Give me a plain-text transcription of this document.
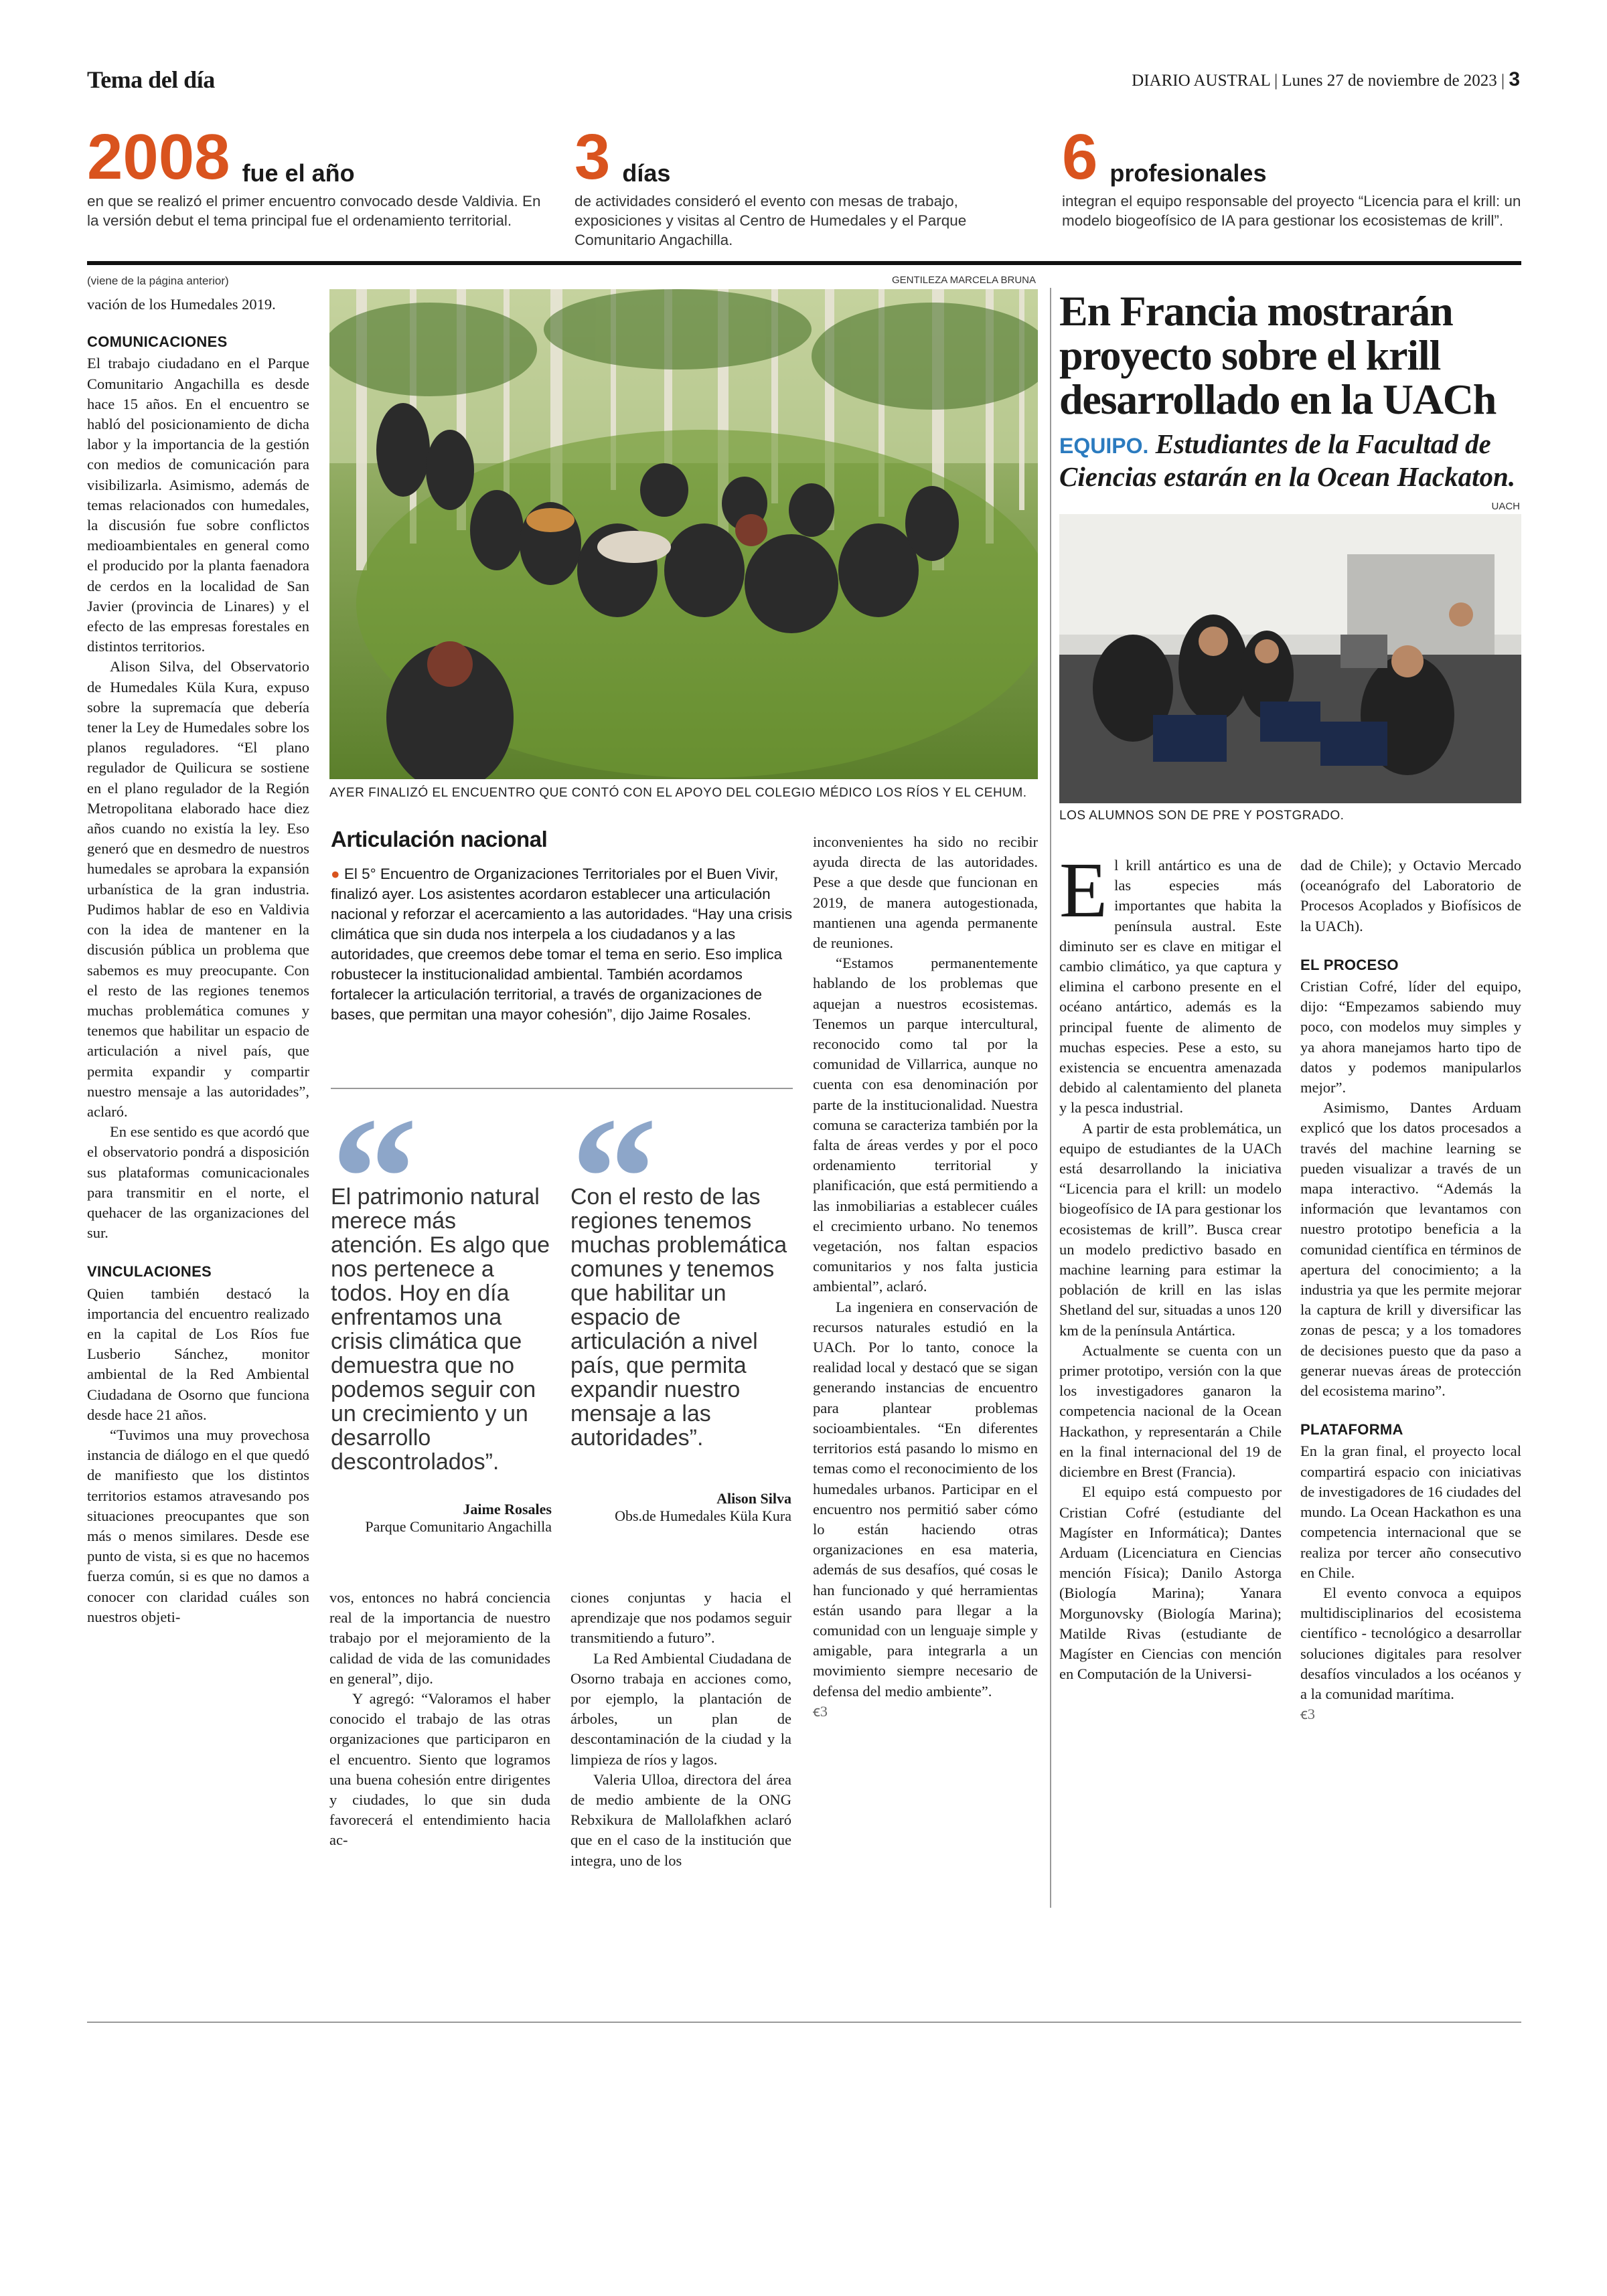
Tema del día	DIARIO AUSTRAL | Lunes 27 de noviembre de 2023 | 3
2008 fue el año
en que se realizó el primer encuentro convocado desde Valdivia. En la versión debut el tema principal fue el ordenamiento territorial.
3 días
de actividades consideró el evento con mesas de trabajo, exposiciones y visitas al Centro de Humedales y el Parque Comunitario Angachilla.
6 profesionales
integran el equipo responsable del proyecto “Licencia para el krill: un modelo biogeofísico de IA para gestionar los ecosistemas de krill”.
(viene de la página anterior)

vación de los Humedales 2019.

COMUNICACIONES

El trabajo ciudadano en el Parque Comunitario Angachilla es desde hace 15 años. En el encuentro se habló del posicionamiento de dicha labor y la importancia de la gestión con medios de comunicación para visibilizarla. Asimismo, además de temas relacionados con humedales, la discusión fue sobre conflictos medioambientales en general como el producido por la planta faenadora de cerdos en la localidad de San Javier (provincia de Linares) y el efecto de las empresas forestales en distintos territorios.

Alison Silva, del Observatorio de Humedales Küla Kura, expuso sobre la supremacía que debería tener la Ley de Humedales sobre los planos reguladores. “El plano regulador de Quilicura se sostiene en el plano regulador de la Región Metropolitana elaborado hace diez años cuando no existía la ley. Eso generó que en desmedro de nuestros humedales se aprobara la expansión urbanística de la gran industria. Pudimos hablar de eso en Valdivia con la idea de mantener en la discusión pública un problema que sabemos es muy preocupante. Con el resto de las regiones tenemos muchas problemática comunes y tenemos que habilitar un espacio de articulación a nivel país, que permita expandir y compartir nuestro mensaje a las autoridades”, aclaró.

En ese sentido es que acordó que el observatorio pondrá a disposición sus plataformas comunicacionales para transmitir en el norte, el quehacer de las organizaciones del sur.

VINCULACIONES

Quien también destacó la importancia del encuentro realizado en la capital de Los Ríos fue Lusberio Sánchez, monitor ambiental de la Red Ambiental Ciudadana de Osorno que funciona desde hace 21 años.

“Tuvimos una muy provechosa instancia de diálogo en el que quedó de manifiesto que los distintos territorios estamos atravesando pos situaciones preocupantes que son más o menos similares. Desde ese punto de vista, si es que no hacemos fuerza común, si es que no damos a conocer con claridad cuáles son nuestros objeti-

GENTILEZA MARCELA BRUNA
AYER FINALIZÓ EL ENCUENTRO QUE CONTÓ CON EL APOYO DEL COLEGIO MÉDICO LOS RÍOS Y EL CEHUM.
Articulación nacional
● El 5° Encuentro de Organizaciones Territoriales por el Buen Vivir, finalizó ayer. Los asistentes acordaron establecer una articulación nacional y reforzar el acercamiento a las autoridades. “Hay una crisis climática que sin duda nos interpela a los ciudadanos y a las autoridades, que creemos debe tomar el tema en serio. Eso implica robustecer la institucionalidad ambiental. También acordamos fortalecer la articulación territorial, a través de organizaciones de bases, que permitan una mayor cohesión”, dijo Jaime Rosales.
El patrimonio natural merece más atención. Es algo que nos pertenece a todos. Hoy en día enfrentamos una crisis climática que demuestra que no podemos seguir con un crecimiento y un desarrollo descontrolados”.
Jaime Rosales
Parque Comunitario Angachilla
Con el resto de las regiones tenemos muchas problemática comunes y tenemos que habilitar un espacio de articulación a nivel país, que permita expandir nuestro mensaje a las autoridades”.
Alison Silva
Obs.de Humedales Küla Kura

vos, entonces no habrá conciencia real de la importancia de nuestro trabajo por el mejoramiento de la calidad de vida de las comunidades en general”, dijo.

Y agregó: “Valoramos el haber conocido el trabajo de las otras organizaciones que participaron en el encuentro. Siento que logramos una buena cohesión entre dirigentes y ciudades, lo que sin duda favorecerá el entendimiento hacia ac-

ciones conjuntas y hacia el aprendizaje que nos podamos seguir transmitiendo a futuro”.

La Red Ambiental Ciudadana de Osorno trabaja en acciones como, por ejemplo, la plantación de árboles, un plan de descontaminación de la ciudad y la limpieza de ríos y lagos.

Valeria Ulloa, directora del área de medio ambiente de la ONG Rebxikura de Mallolafkhen aclaró que en el caso de la institución que integra, uno de los

inconvenientes ha sido no recibir ayuda directa de las autoridades. Pese a que desde que funcionan en 2019, de manera autogestionada, mantienen una agenda permanente de reuniones.

“Estamos permanentemente hablando de los problemas que aquejan a nuestros ecosistemas. Tenemos un parque intercultural, reconocido como tal por la comunidad de Villarrica, aunque no cuenta con esa denominación por parte de la institucionalidad. Nuestra comuna se caracteriza también por la falta de áreas verdes y por el poco ordenamiento territorial y planificación, que está permitiendo a las inmobiliarias a establecer cuáles el crecimiento urbano. No tenemos vegetación, nos faltan espacios comunitarios y nos falta justicia ambiental”, aclaró.

La ingeniera en conservación de recursos naturales estudió en la UACh. Por lo tanto, conoce la realidad local y destacó que se sigan generando instancias de encuentro para plantear problemas socioambientales. “En diferentes territorios está pasando lo mismo en temas como el reconocimiento de los humedales urbanos. Participar en el encuentro nos permitió saber cómo lo están haciendo otras organizaciones en esa materia, además de sus desafíos, qué cosas le han funcionado y qué herramientas están usando para llegar a la comunidad con un lenguaje simple y amigable, para integrarla a un movimiento siempre necesario de defensa del medio ambiente”.

ꞓ3
En Francia mostrarán proyecto sobre el krill desarrollado en la UACh
EQUIPO. Estudiantes de la Facultad de Ciencias estarán en la Ocean Hackaton.
UACH
LOS ALUMNOS SON DE PRE Y POSTGRADO.
E l krill antártico es una de las especies más importantes que habita la península austral. Este diminuto ser es clave en mitigar el cambio climático, ya que captura y elimina el carbono presente en el océano antártico, además es la principal fuente de alimento de muchas especies. Pese a esto, su existencia se encuentra amenazada debido al calentamiento del planeta y la pesca industrial.

A partir de esta problemática, un equipo de estudiantes de la UACh está desarrollando la iniciativa “Licencia para el krill: un modelo biogeofísico de IA para gestionar los ecosistemas de krill”. Busca crear un modelo predictivo basado en machine learning para estimar la población de krill en las islas Shetland del sur, situadas a unos 120 km de la península Antártica.

Actualmente se cuenta con un primer prototipo, versión con la que los investigadores ganaron la competencia nacional de la Ocean Hackathon, y representarán a Chile en la final internacional del 19 de diciembre en Brest (Francia).

El equipo está compuesto por Cristian Cofré (estudiante del Magíster en Informática); Dantes Arduam (Licenciatura en Ciencias mención Física); Danilo Astorga (Biología Marina); Yanara Morgunovsky (Biología Marina); Matilde Rivas (estudiante de Magíster en Ciencias con mención en Computación de la Universi-

dad de Chile); y Octavio Mercado (oceanógrafo del Laboratorio de Procesos Acoplados y Biofísicos de la UACh).

EL PROCESO

Cristian Cofré, líder del equipo, dijo: “Empezamos sabiendo muy poco, con modelos muy simples y ya ahora manejamos harto tipo de datos y podemos manipularlos mejor”.

Asimismo, Dantes Arduam explicó que los datos procesados a través del machine learning se pueden visualizar a través de un mapa interactivo. “Además la información que levantamos con nuestro prototipo beneficia a la comunidad científica en términos de apertura del conocimiento; a la industria ya que les permite mejorar la captura de krill y diversificar las zonas de pesca; y a los tomadores de decisiones puesto que da paso a generar nuevas áreas de protección del ecosistema marino”.

PLATAFORMA

En la gran final, el proyecto local compartirá espacio con iniciativas de investigadores de 16 ciudades del mundo. La Ocean Hackathon es una competencia internacional que se realiza por tercer año consecutivo en Chile.

El evento convoca a equipos multidisciplinarios del ecosistema científico - tecnológico a desarrollar soluciones digitales para resolver desafíos vinculados a los océanos y a la comunidad marítima.

ꞓ3
